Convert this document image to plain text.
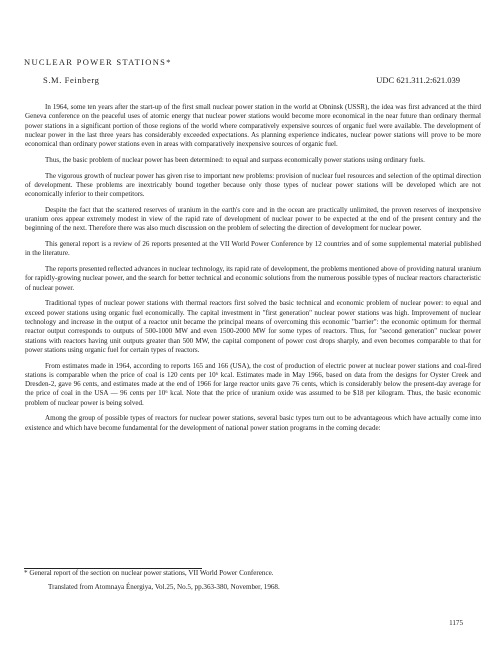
NUCLEAR POWER STATIONS*
S.M. Feinberg	UDC 621.311.2:621.039

In 1964, some ten years after the start-up of the first small nuclear power station in the world at Obninsk (USSR), the idea was first advanced at the third Geneva conference on the peaceful uses of atomic energy that nuclear power stations would become more economical in the near future than ordinary thermal power stations in a significant portion of those regions of the world where comparatively expensive sources of organic fuel were available. The development of nuclear power in the last three years has considerably exceeded expectations. As planning experience indicates, nuclear power stations will prove to be more economical than ordinary power stations even in areas with comparatively inexpensive sources of organic fuel.

Thus, the basic problem of nuclear power has been determined: to equal and surpass economically power stations using ordinary fuels.

The vigorous growth of nuclear power has given rise to important new problems: provision of nuclear fuel resources and selection of the optimal direction of development. These problems are inextricably bound together because only those types of nuclear power stations will be developed which are not economically inferior to their competitors.

Despite the fact that the scattered reserves of uranium in the earth's core and in the ocean are practically unlimited, the proven reserves of inexpensive uranium ores appear extremely modest in view of the rapid rate of development of nuclear power to be expected at the end of the present century and the beginning of the next. Therefore there was also much discussion on the problem of selecting the direction of development for nuclear power.

This general report is a review of 26 reports presented at the VII World Power Conference by 12 countries and of some supplemental material published in the literature.

The reports presented reflected advances in nuclear technology, its rapid rate of development, the problems mentioned above of providing natural uranium for rapidly-growing nuclear power, and the search for better technical and economic solutions from the numerous possible types of nuclear reactors characteristic of nuclear power.

Traditional types of nuclear power stations with thermal reactors first solved the basic technical and economic problem of nuclear power: to equal and exceed power stations using organic fuel economically. The capital investment in "first generation" nuclear power stations was high. Improvement of nuclear technology and increase in the output of a reactor unit became the principal means of overcoming this economic "barrier": the economic optimum for thermal reactor output corresponds to outputs of 500-1000 MW and even 1500-2000 MW for some types of reactors. Thus, for "second generation" nuclear power stations with reactors having unit outputs greater than 500 MW, the capital component of power cost drops sharply, and even becomes comparable to that for power stations using organic fuel for certain types of reactors.

From estimates made in 1964, according to reports 165 and 166 (USA), the cost of production of electric power at nuclear power stations and coal-fired stations is comparable when the price of coal is 120 cents per 10⁶ kcal. Estimates made in May 1966, based on data from the designs for Oyster Creek and Dresden-2, gave 96 cents, and estimates made at the end of 1966 for large reactor units gave 76 cents, which is considerably below the present-day average for the price of coal in the USA — 96 cents per 10⁶ kcal. Note that the price of uranium oxide was assumed to be $18 per kilogram. Thus, the basic economic problem of nuclear power is being solved.

Among the group of possible types of reactors for nuclear power stations, several basic types turn out to be advantageous which have actually come into existence and which have become fundamental for the development of national power station programs in the coming decade:

* General report of the section on nuclear power stations, VII World Power Conference.
Translated from Atomnaya Énergiya, Vol.25, No.5, pp.363-380, November, 1968.
1175
